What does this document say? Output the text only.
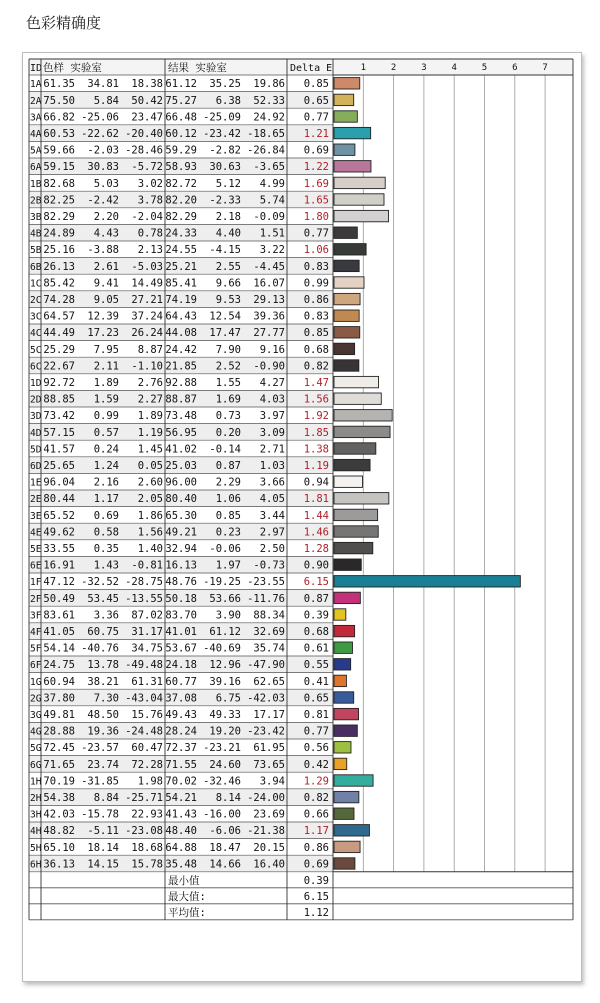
色彩精确度
ID 色样 实验室	结果 实验室	Delta E	1	2	3	4	5	6	7
1A 61.35 34.81 18.38 61.12 35.25 19.86 0.85
2A 75.50 5.84 50.42 75.27 6.38 52.33 0.65
3A 66.82 -25.06 23.47 66.48 -25.09 24.92 0.77
4A 60.53 -22.62 -20.40 60.12 -23.42 -18.65 1.21
5A 59.66 -2.03 -28.46 59.29 -2.82 -26.84 0.69
6A 59.15 30.83 -5.72 58.93 30.63 -3.65 1.22
1B 82.68 5.03 3.02 82.72 5.12 4.99 1.69
2B 82.25 -2.42 3.78 82.20 -2.33 5.74 1.65
3B 82.29 2.20 -2.04 82.29 2.18 -0.09 1.80
4B 24.89 4.43 0.78 24.33 4.40 1.51 0.77
5B 25.16 -3.88 2.13 24.55 -4.15 3.22 1.06
6B 26.13 2.61 -5.03 25.21 2.55 -4.45 0.83
1C 85.42 9.41 14.49 85.41 9.66 16.07 0.99
2C 74.28 9.05 27.21 74.19 9.53 29.13 0.86
3C 64.57 12.39 37.24 64.43 12.54 39.36 0.83
4C 44.49 17.23 26.24 44.08 17.47 27.77 0.85
5C 25.29 7.95 8.87 24.42 7.90 9.16 0.68
6C 22.67 2.11 -1.10 21.85 2.52 -0.90 0.82
1D 92.72 1.89 2.76 92.88 1.55 4.27 1.47
2D 88.85 1.59 2.27 88.87 1.69 4.03 1.56
3D 73.42 0.99 1.89 73.48 0.73 3.97 1.92
4D 57.15 0.57 1.19 56.95 0.20 3.09 1.85
5D 41.57 0.24 1.45 41.02 -0.14 2.71 1.38
6D 25.65 1.24 0.05 25.03 0.87 1.03 1.19
1E 96.04 2.16 2.60 96.00 2.29 3.66 0.94
2E 80.44 1.17 2.05 80.40 1.06 4.05 1.81
3E 65.52 0.69 1.86 65.30 0.85 3.44 1.44
4E 49.62 0.58 1.56 49.21 0.23 2.97 1.46
5E 33.55 0.35 1.40 32.94 -0.06 2.50 1.28
6E 16.91 1.43 -0.81 16.13 1.97 -0.73 0.90
1F 47.12 -32.52 -28.75 48.76 -19.25 -23.55 6.15
2F 50.49 53.45 -13.55 50.18 53.66 -11.76 0.87
3F 83.61 3.36 87.02 83.70 3.90 88.34 0.39
4F 41.05 60.75 31.17 41.01 61.12 32.69 0.68
5F 54.14 -40.76 34.75 53.67 -40.69 35.74 0.61
6F 24.75 13.78 -49.48 24.18 12.96 -47.90 0.55
1G 60.94 38.21 61.31 60.77 39.16 62.65 0.41
2G 37.80 7.30 -43.04 37.08 6.75 -42.03 0.65
3G 49.81 48.50 15.76 49.43 49.33 17.17 0.81
4G 28.88 19.36 -24.48 28.24 19.20 -23.42 0.77
5G 72.45 -23.57 60.47 72.37 -23.21 61.95 0.56
6G 71.65 23.74 72.28 71.55 24.60 73.65 0.42
1H 70.19 -31.85 1.98 70.02 -32.46 3.94 1.29
2H 54.38 8.84 -25.71 54.21 8.14 -24.00 0.82
3H 42.03 -15.78 22.93 41.43 -16.00 23.69 0.66
4H 48.82 -5.11 -23.08 48.40 -6.06 -21.38 1.17
5H 65.10 18.14 18.68 64.88 18.47 20.15 0.86
6H 36.13 14.15 15.78 35.48 14.66 16.40 0.69
最小值	0.39
最大值:	6.15
平均值:	1.12
